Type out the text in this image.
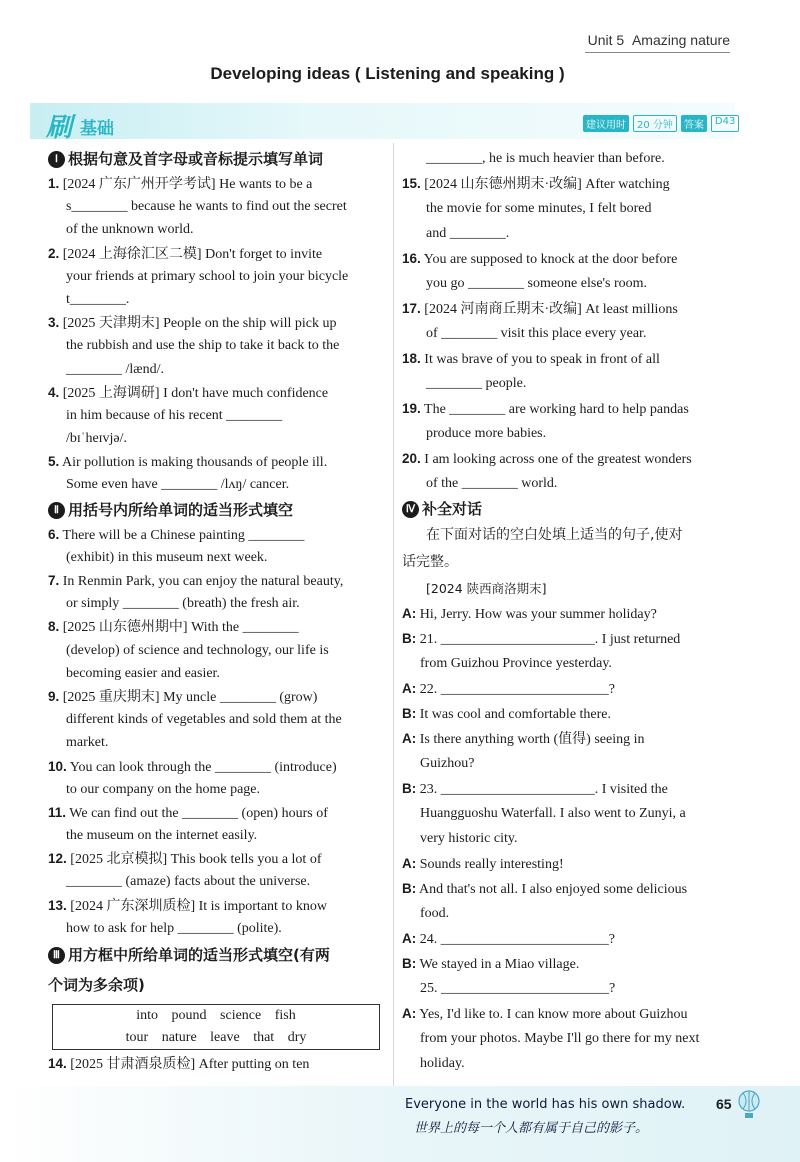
Unit 5 Amazing nature
Developing ideas ( Listening and speaking )
刷 基础	建议用时	20 分钟	答案	D43
Ⅰ 根据句意及首字母或音标提示填写单词
1. [2024 广东广州开学考试] He wants to be a
s________ because he wants to find out the secret
of the unknown world.
2. [2024 上海徐汇区二模] Don't forget to invite
your friends at primary school to join your bicycle
t________.
3. [2025 天津期末] People on the ship will pick up
the rubbish and use the ship to take it back to the
________ /lænd/.
4. [2025 上海调研] I don't have much confidence
in him because of his recent ________
/bɪˈheɪvjə/.
5. Air pollution is making thousands of people ill.
Some even have ________ /lʌŋ/ cancer.
Ⅱ 用括号内所给单词的适当形式填空
6. There will be a Chinese painting ________
(exhibit) in this museum next week.
7. In Renmin Park, you can enjoy the natural beauty,
or simply ________ (breath) the fresh air.
8. [2025 山东德州期中] With the ________
(develop) of science and technology, our life is
becoming easier and easier.
9. [2025 重庆期末] My uncle ________ (grow)
different kinds of vegetables and sold them at the
market.
10. You can look through the ________ (introduce)
to our company on the home page.
11. We can find out the ________ (open) hours of
the museum on the internet easily.
12. [2025 北京模拟] This book tells you a lot of
________ (amaze) facts about the universe.
13. [2024 广东深圳质检] It is important to know
how to ask for help ________ (polite).
Ⅲ 用方框中所给单词的适当形式填空(有两
个词为多余项)
into pound science fish
tour nature leave that dry
14. [2025 甘肃酒泉质检] After putting on ten
________, he is much heavier than before.
15. [2024 山东德州期末·改编] After watching
the movie for some minutes, I felt bored
and ________.
16. You are supposed to knock at the door before
you go ________ someone else's room.
17. [2024 河南商丘期末·改编] At least millions
of ________ visit this place every year.
18. It was brave of you to speak in front of all
________ people.
19. The ________ are working hard to help pandas
produce more babies.
20. I am looking across one of the greatest wonders
of the ________ world.
Ⅳ 补全对话
在下面对话的空白处填上适当的句子,使对
话完整。
[2024 陕西商洛期末]
A: Hi, Jerry. How was your summer holiday?
B: 21. ______________________. I just returned
from Guizhou Province yesterday.
A: 22. ________________________?
B: It was cool and comfortable there.
A: Is there anything worth (值得) seeing in
Guizhou?
B: 23. ______________________. I visited the
Huangguoshu Waterfall. I also went to Zunyi, a
very historic city.
A: Sounds really interesting!
B: And that's not all. I also enjoyed some delicious
food.
A: 24. ________________________?
B: We stayed in a Miao village.
25. ________________________?
A: Yes, I'd like to. I can know more about Guizhou
from your photos. Maybe I'll go there for my next
holiday.
Everyone in the world has his own shadow.
世界上的每一个人都有属于自己的影子。
65
